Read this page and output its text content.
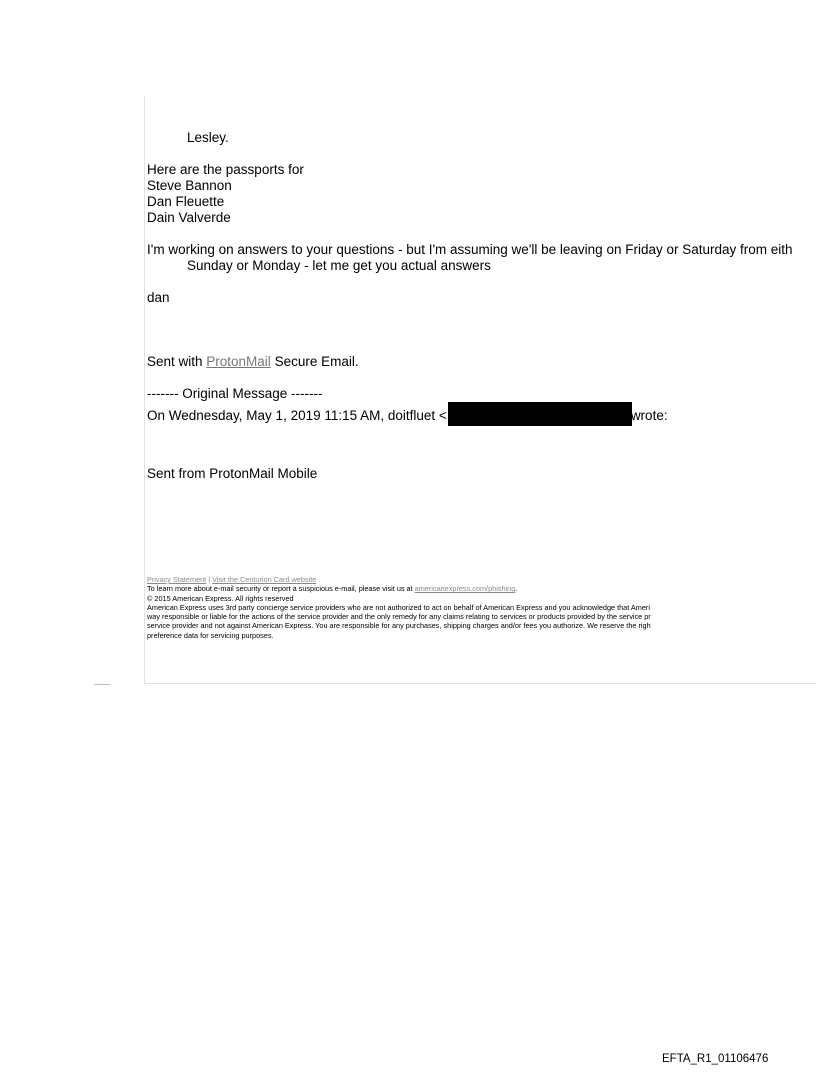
Lesley.
Here are the passports for
Steve Bannon
Dan Fleuette
Dain Valverde
I'm working on answers to your questions - but I'm assuming we'll be leaving on Friday or Saturday from eith
Sunday or Monday - let me get you actual answers
dan
Sent with ProtonMail Secure Email.
------- Original Message -------
On Wednesday, May 1, 2019 11:15 AM, doitfluet <	wrote:
Sent from ProtonMail Mobile
Privacy Statement | Visit the Centurion Card website
To learn more about e-mail security or report a suspicious e-mail, please visit us at americanexpress.com/phishing.
© 2015 American Express. All rights reserved
American Express uses 3rd party concierge service providers who are not authorized to act on behalf of American Express and you acknowledge that Ameri
way responsible or liable for the actions of the service provider and the only remedy for any claims relating to services or products provided by the service pr
service provider and not against American Express. You are responsible for any purchases, shipping charges and/or fees you authorize. We reserve the righ
preference data for servicing purposes.
EFTA_R1_01106476
